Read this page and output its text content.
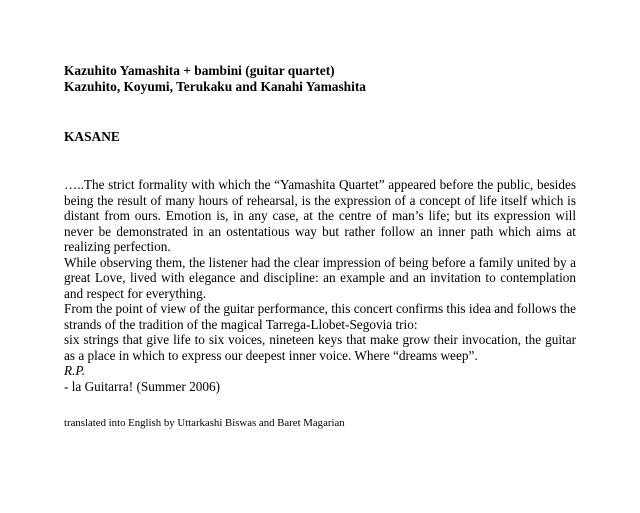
Kazuhito Yamashita + bambini (guitar quartet)
Kazuhito, Koyumi, Terukaku and Kanahi Yamashita
KASANE

…..The strict formality with which the “Yamashita Quartet” appeared before the public, besides being the result of many hours of rehearsal, is the expression of a concept of life itself which is distant from ours. Emotion is, in any case, at the centre of man’s life; but its expression will never be demonstrated in an ostentatious way but rather follow an inner path which aims at realizing perfection.

While observing them, the listener had the clear impression of being before a family united by a great Love, lived with elegance and discipline: an example and an invitation to contemplation and respect for everything.

From the point of view of the guitar performance, this concert confirms this idea and follows the strands of the tradition of the magical Tarrega-Llobet-Segovia trio:

six strings that give life to six voices, nineteen keys that make grow their invocation, the guitar as a place in which to express our deepest inner voice. Where “dreams weep”.

R.P.

- la Guitarra! (Summer 2006)

translated into English by Uttarkashi Biswas and Baret Magarian
